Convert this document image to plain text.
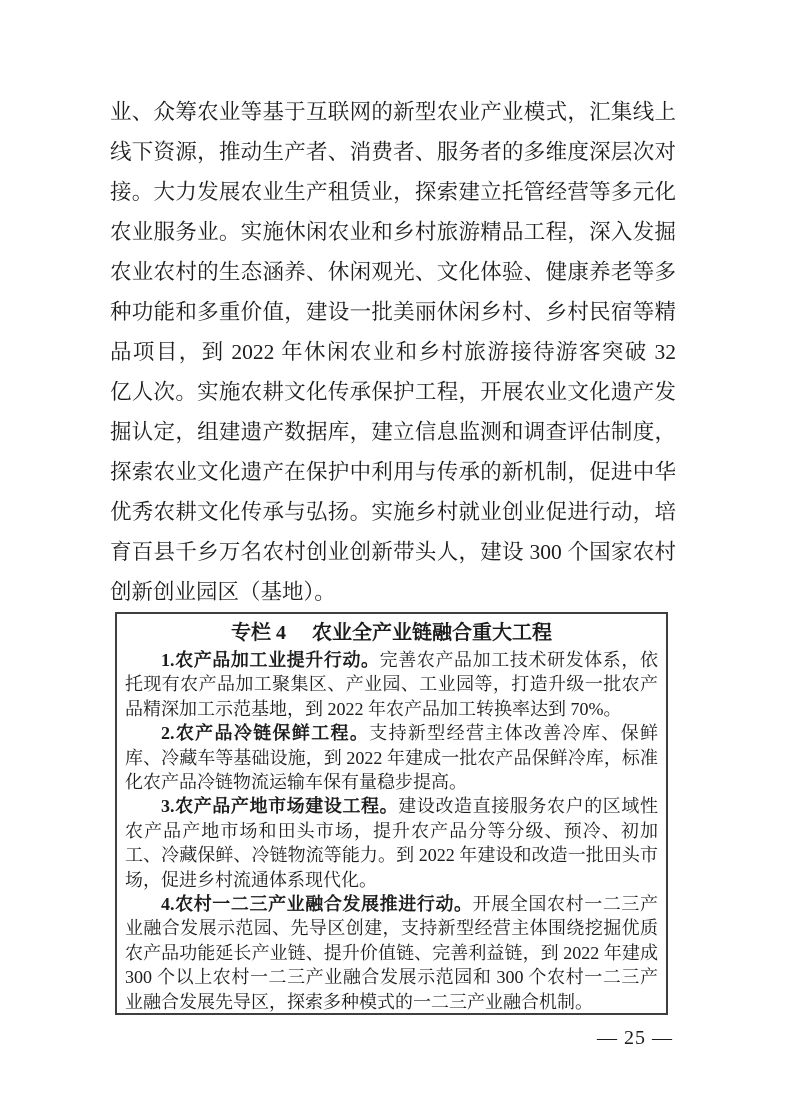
业、众筹农业等基于互联网的新型农业产业模式，汇集线上
线下资源，推动生产者、消费者、服务者的多维度深层次对
接。大力发展农业生产租赁业，探索建立托管经营等多元化
农业服务业。实施休闲农业和乡村旅游精品工程，深入发掘
农业农村的生态涵养、休闲观光、文化体验、健康养老等多
种功能和多重价值，建设一批美丽休闲乡村、乡村民宿等精
品项目，到 2022 年休闲农业和乡村旅游接待游客突破 32
亿人次。实施农耕文化传承保护工程，开展农业文化遗产发
掘认定，组建遗产数据库，建立信息监测和调查评估制度，
探索农业文化遗产在保护中利用与传承的新机制，促进中华
优秀农耕文化传承与弘扬。实施乡村就业创业促进行动，培
育百县千乡万名农村创业创新带头人，建设 300 个国家农村
创新创业园区（基地）。
专栏 4 农业全产业链融合重大工程

1.农产品加工业提升行动。完善农产品加工技术研发体系，依托现有农产品加工聚集区、产业园、工业园等，打造升级一批农产品精深加工示范基地，到 2022 年农产品加工转换率达到 70%。

2.农产品冷链保鲜工程。支持新型经营主体改善冷库、保鲜库、冷藏车等基础设施，到 2022 年建成一批农产品保鲜冷库，标准化农产品冷链物流运输车保有量稳步提高。

3.农产品产地市场建设工程。建设改造直接服务农户的区域性农产品产地市场和田头市场，提升农产品分等分级、预冷、初加工、冷藏保鲜、冷链物流等能力。到 2022 年建设和改造一批田头市场，促进乡村流通体系现代化。

4.农村一二三产业融合发展推进行动。开展全国农村一二三产业融合发展示范园、先导区创建，支持新型经营主体围绕挖掘优质农产品功能延长产业链、提升价值链、完善利益链，到 2022 年建成 300 个以上农村一二三产业融合发展示范园和 300 个农村一二三产业融合发展先导区，探索多种模式的一二三产业融合机制。

— 25 —
